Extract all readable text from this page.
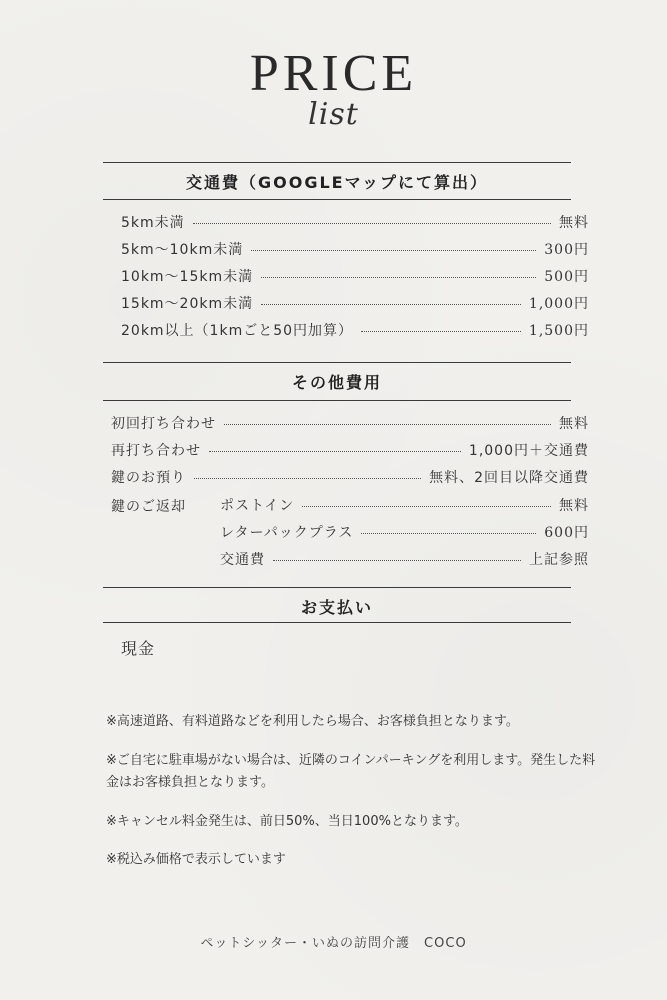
PRICE
list
交通費（GOOGLEマップにて算出）
5km未満	無料
5km〜10km未満	300円
10km〜15km未満	500円
15km〜20km未満	1,000円
20km以上（1kmごと50円加算）	1,500円
その他費用
初回打ち合わせ	無料
再打ち合わせ	1,000円＋交通費
鍵のお預り	無料、2回目以降交通費
鍵のご返却 ポストイン	無料
レターパックプラス	600円
交通費	上記参照
お支払い
現金
※高速道路、有料道路などを利用したら場合、お客様負担となります。
※ご自宅に駐車場がない場合は、近隣のコインパーキングを利用します。発生した料金はお客様負担となります。
※キャンセル料金発生は、前日50%、当日100%となります。
※税込み価格で表示しています
ペットシッター・いぬの訪問介護　COCO
